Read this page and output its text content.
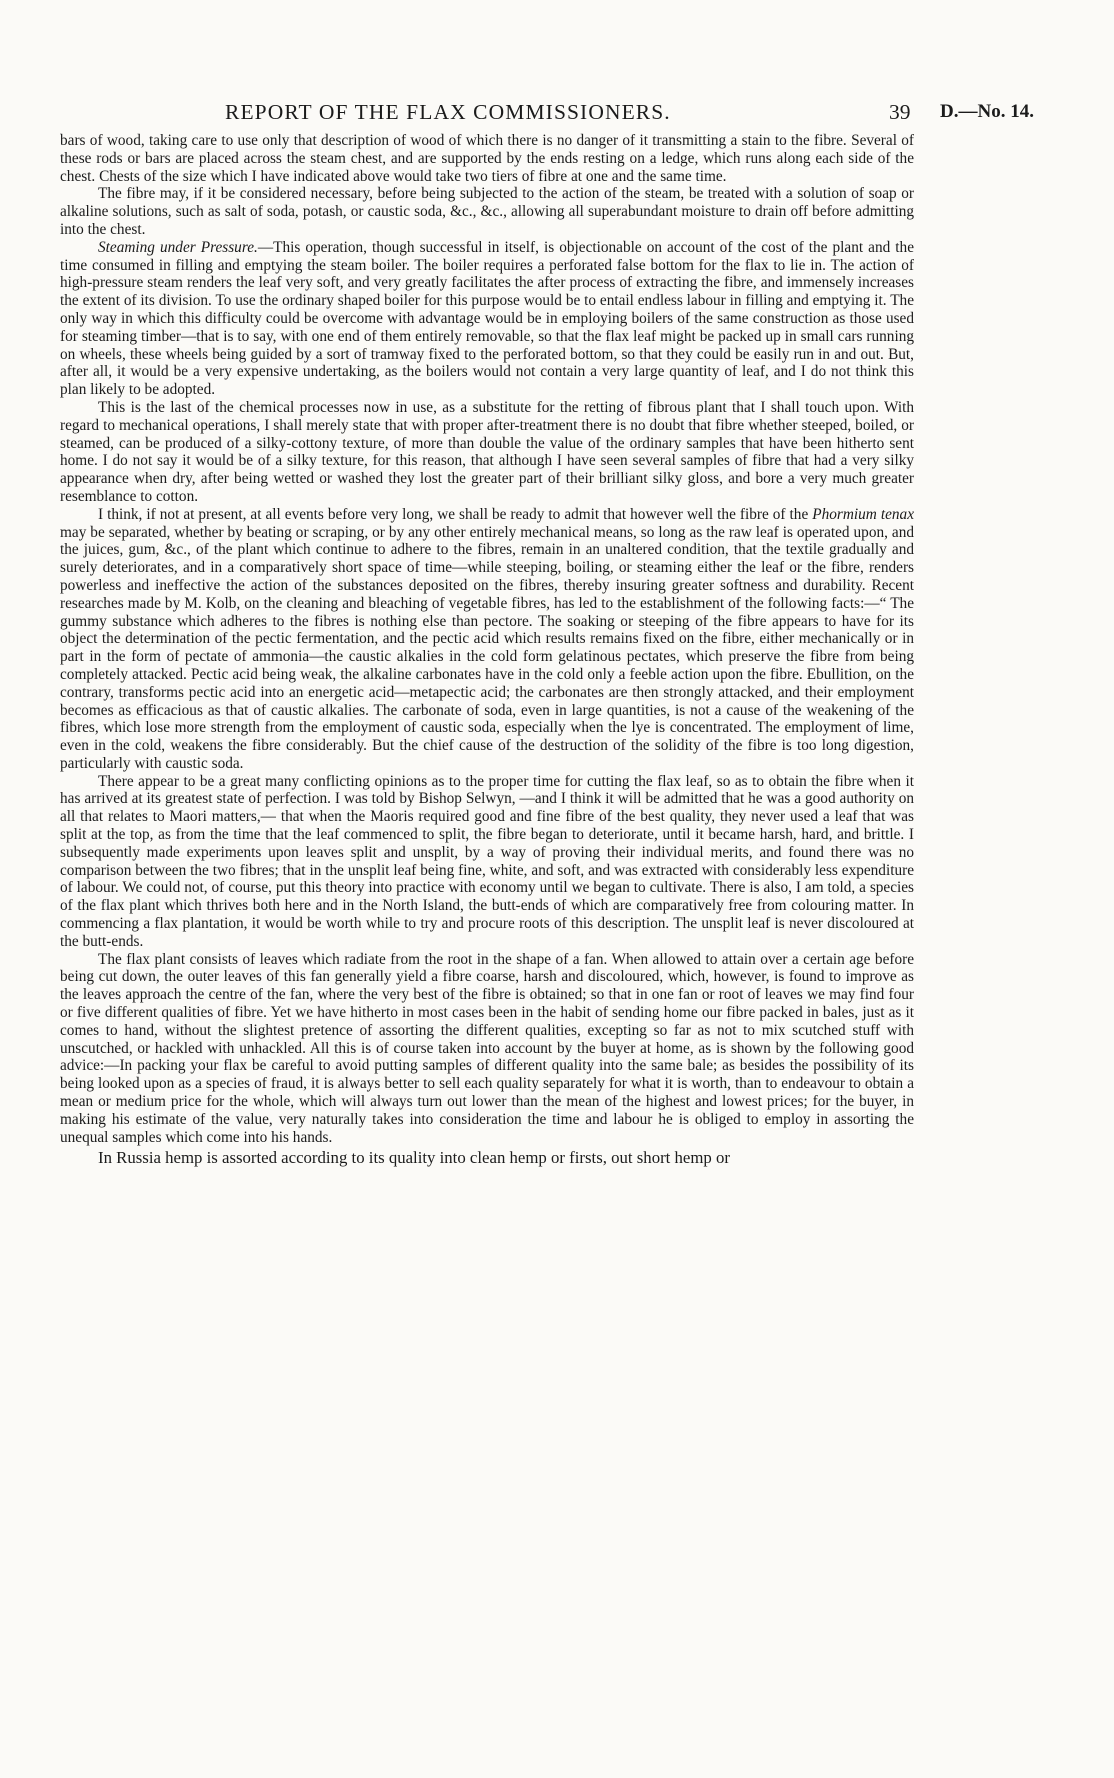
REPORT OF THE FLAX COMMISSIONERS.	39 D.—No. 14.

bars of wood, taking care to use only that description of wood of which there is no danger of it transmitting a stain to the fibre. Several of these rods or bars are placed across the steam chest, and are supported by the ends resting on a ledge, which runs along each side of the chest. Chests of the size which I have indicated above would take two tiers of fibre at one and the same time.

The fibre may, if it be considered necessary, before being subjected to the action of the steam, be treated with a solution of soap or alkaline solutions, such as salt of soda, potash, or caustic soda, &c., &c., allowing all superabundant moisture to drain off before admitting into the chest.

Steaming under Pressure.—This operation, though successful in itself, is objectionable on account of the cost of the plant and the time consumed in filling and emptying the steam boiler. The boiler requires a perforated false bottom for the flax to lie in. The action of high-pressure steam renders the leaf very soft, and very greatly facilitates the after process of extracting the fibre, and immensely increases the extent of its division. To use the ordinary shaped boiler for this purpose would be to entail endless labour in filling and emptying it. The only way in which this difficulty could be overcome with advantage would be in employing boilers of the same construction as those used for steaming timber—that is to say, with one end of them entirely removable, so that the flax leaf might be packed up in small cars running on wheels, these wheels being guided by a sort of tramway fixed to the perforated bottom, so that they could be easily run in and out. But, after all, it would be a very expensive undertaking, as the boilers would not contain a very large quantity of leaf, and I do not think this plan likely to be adopted.

This is the last of the chemical processes now in use, as a substitute for the retting of fibrous plant that I shall touch upon. With regard to mechanical operations, I shall merely state that with proper after-treatment there is no doubt that fibre whether steeped, boiled, or steamed, can be produced of a silky-cottony texture, of more than double the value of the ordinary samples that have been hitherto sent home. I do not say it would be of a silky texture, for this reason, that although I have seen several samples of fibre that had a very silky appearance when dry, after being wetted or washed they lost the greater part of their brilliant silky gloss, and bore a very much greater resemblance to cotton.

I think, if not at present, at all events before very long, we shall be ready to admit that however well the fibre of the Phormium tenax may be separated, whether by beating or scraping, or by any other entirely mechanical means, so long as the raw leaf is operated upon, and the juices, gum, &c., of the plant which continue to adhere to the fibres, remain in an unaltered condition, that the textile gradually and surely deteriorates, and in a comparatively short space of time—while steeping, boiling, or steaming either the leaf or the fibre, renders powerless and ineffective the action of the substances deposited on the fibres, thereby insuring greater softness and durability. Recent researches made by M. Kolb, on the cleaning and bleaching of vegetable fibres, has led to the establishment of the following facts:—“ The gummy substance which adheres to the fibres is nothing else than pectore. The soaking or steeping of the fibre appears to have for its object the determination of the pectic fermentation, and the pectic acid which results remains fixed on the fibre, either mechanically or in part in the form of pectate of ammonia—the caustic alkalies in the cold form gelatinous pectates, which preserve the fibre from being completely attacked. Pectic acid being weak, the alkaline carbonates have in the cold only a feeble action upon the fibre. Ebullition, on the contrary, transforms pectic acid into an energetic acid—metapectic acid; the carbonates are then strongly attacked, and their employment becomes as efficacious as that of caustic alkalies. The carbonate of soda, even in large quantities, is not a cause of the weakening of the fibres, which lose more strength from the employment of caustic soda, especially when the lye is concentrated. The employment of lime, even in the cold, weakens the fibre considerably. But the chief cause of the destruction of the solidity of the fibre is too long digestion, particularly with caustic soda.

There appear to be a great many conflicting opinions as to the proper time for cutting the flax leaf, so as to obtain the fibre when it has arrived at its greatest state of perfection. I was told by Bishop Selwyn, —and I think it will be admitted that he was a good authority on all that relates to Maori matters,— that when the Maoris required good and fine fibre of the best quality, they never used a leaf that was split at the top, as from the time that the leaf commenced to split, the fibre began to deteriorate, until it became harsh, hard, and brittle. I subsequently made experiments upon leaves split and unsplit, by a way of proving their individual merits, and found there was no comparison between the two fibres; that in the unsplit leaf being fine, white, and soft, and was extracted with considerably less expenditure of labour. We could not, of course, put this theory into practice with economy until we began to cultivate. There is also, I am told, a species of the flax plant which thrives both here and in the North Island, the butt-ends of which are comparatively free from colouring matter. In commencing a flax plantation, it would be worth while to try and procure roots of this description. The unsplit leaf is never discoloured at the butt-ends.

The flax plant consists of leaves which radiate from the root in the shape of a fan. When allowed to attain over a certain age before being cut down, the outer leaves of this fan generally yield a fibre coarse, harsh and discoloured, which, however, is found to improve as the leaves approach the centre of the fan, where the very best of the fibre is obtained; so that in one fan or root of leaves we may find four or five different qualities of fibre. Yet we have hitherto in most cases been in the habit of sending home our fibre packed in bales, just as it comes to hand, without the slightest pretence of assorting the different qualities, excepting so far as not to mix scutched stuff with unscutched, or hackled with unhackled. All this is of course taken into account by the buyer at home, as is shown by the following good advice:—In packing your flax be careful to avoid putting samples of different quality into the same bale; as besides the possibility of its being looked upon as a species of fraud, it is always better to sell each quality separately for what it is worth, than to endeavour to obtain a mean or medium price for the whole, which will always turn out lower than the mean of the highest and lowest prices; for the buyer, in making his estimate of the value, very naturally takes into consideration the time and labour he is obliged to employ in assorting the unequal samples which come into his hands.

In Russia hemp is assorted according to its quality into clean hemp or firsts, out short hemp or
